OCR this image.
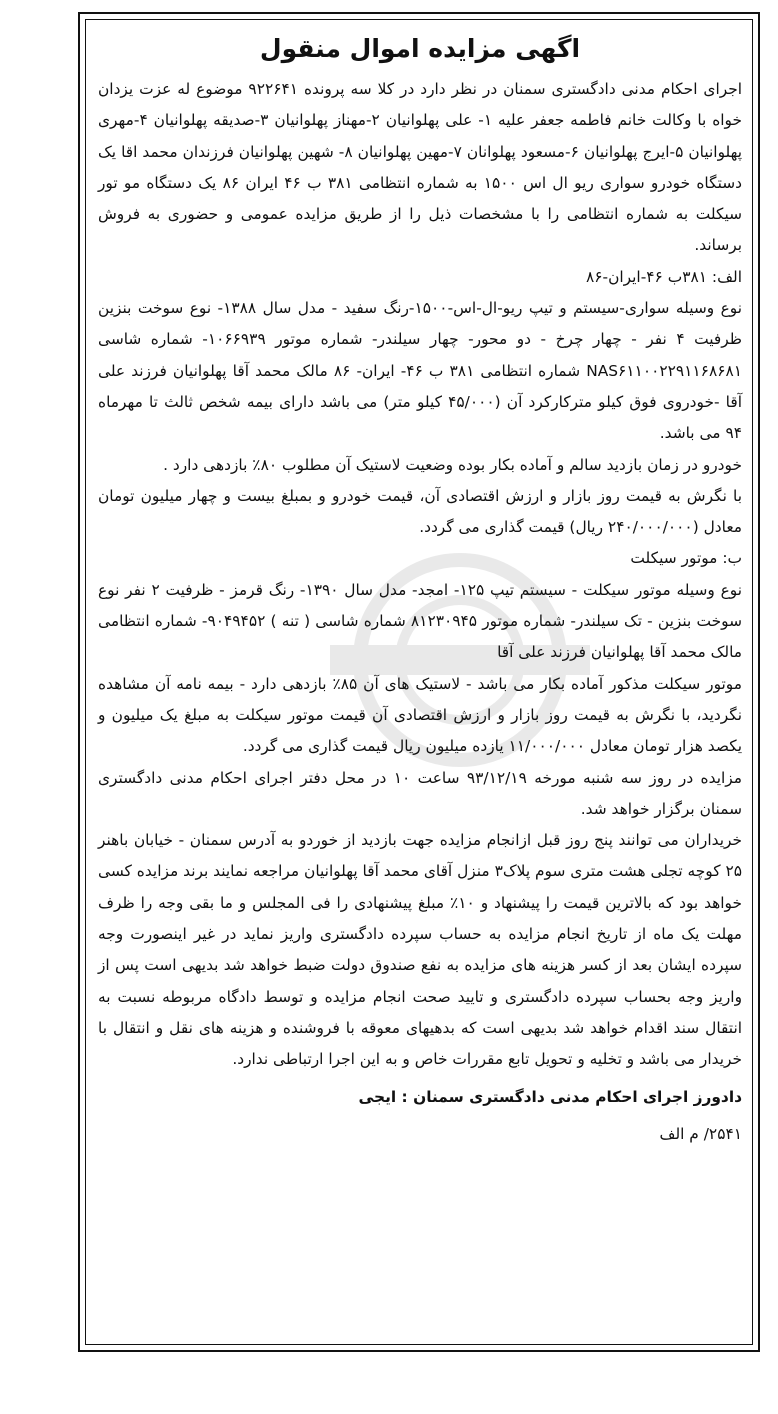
اگهی مزایده اموال منقول

اجرای احکام مدنی دادگستری سمنان در نظر دارد در کلا سه پرونده ۹۲۲۶۴۱ موضوع له عزت یزدان خواه با وکالت خانم فاطمه جعفر علیه ۱- علی پهلوانیان ۲-مهناز پهلوانیان ۳-صدیقه پهلوانیان ۴-مهری پهلوانیان ۵-ایرج پهلوانیان ۶-مسعود پهلوانان ۷-مهین پهلوانیان ۸- شهین پهلوانیان فرزندان محمد اقا یک دستگاه خودرو سواری ریو ال اس ۱۵۰۰ به شماره انتظامی ۳۸۱ ب ۴۶ ایران ۸۶ یک دستگاه مو تور سیکلت به شماره انتظامی را با مشخصات ذیل را از طریق مزایده عمومی و حضوری به فروش برساند.

الف: ۳۸۱ب ۴۶-ایران-۸۶

نوع وسیله سواری-سیستم و تیپ ریو-ال-اس-۱۵۰۰-رنگ سفید - مدل سال ۱۳۸۸- نوع سوخت بنزین ظرفیت ۴ نفر - چهار چرخ - دو محور- چهار سیلندر- شماره موتور ۱۰۶۶۹۳۹- شماره شاسی NAS۶۱۱۰۰۲۲۹۱۱۶۸۶۸۱ شماره انتظامی ۳۸۱ ب ۴۶- ایران- ۸۶ مالک محمد آقا پهلوانیان فرزند علی آقا -خودروی فوق کیلو مترکارکرد آن (۴۵/۰۰۰ کیلو متر) می باشد دارای بیمه شخص ثالث تا مهرماه ۹۴ می باشد.

خودرو در زمان بازدید سالم و آماده بکار بوده وضعیت لاستیک آن مطلوب ۸۰٪ بازدهی دارد .

با نگرش به قیمت روز بازار و ارزش اقتصادی آن، قیمت خودرو و بمبلغ بیست و چهار میلیون تومان معادل (۲۴۰/۰۰۰/۰۰۰ ریال) قیمت گذاری می گردد.

ب: موتور سیکلت

نوع وسیله موتور سیکلت - سیستم تیپ ۱۲۵- امجد- مدل سال ۱۳۹۰- رنگ قرمز - ظرفیت ۲ نفر نوع سوخت بنزین - تک سیلندر- شماره موتور ۸۱۲۳۰۹۴۵ شماره شاسی ( تنه ) ۹۰۴۹۴۵۲- شماره انتظامی مالک محمد آقا پهلوانیان فرزند علی آقا

موتور سیکلت مذکور آماده بکار می باشد - لاستیک های آن ۸۵٪ بازدهی دارد - بیمه نامه آن مشاهده نگردید، با نگرش به قیمت روز بازار و ارزش اقتصادی آن قیمت موتور سیکلت به مبلغ یک میلیون و یکصد هزار تومان معادل ۱۱/۰۰۰/۰۰۰ یازده میلیون ریال قیمت گذاری می گردد.

مزایده در روز سه شنبه مورخه ۹۳/۱۲/۱۹ ساعت ۱۰ در محل دفتر اجرای احکام مدنی دادگستری سمنان برگزار خواهد شد.

خریداران می توانند پنج روز قبل ازانجام مزایده جهت بازدید از خوردو به آدرس سمنان - خیابان باهنر ۲۵ کوچه تجلی هشت متری سوم پلاک۳ منزل آقای محمد آقا پهلوانیان مراجعه نمایند برند مزایده کسی خواهد بود که بالاترین قیمت را پیشنهاد و ۱۰٪ مبلغ پیشنهادی را فی المجلس و ما بقی وجه را ظرف مهلت یک ماه از تاریخ انجام مزایده به حساب سپرده دادگستری واریز نماید در غیر اینصورت وجه سپرده ایشان بعد از کسر هزینه های مزایده به نفع صندوق دولت ضبط خواهد شد بدیهی است پس از واریز وجه بحساب سپرده دادگستری و تایید صحت انجام مزایده و توسط دادگاه مربوطه نسبت به انتقال سند اقدام خواهد شد بدیهی است که بدهیهای معوقه با فروشنده و هزینه های نقل و انتقال با خریدار می باشد و تخلیه و تحویل تابع مقررات خاص و به این اجرا ارتباطی ندارد.

دادورز اجرای احکام مدنی دادگستری سمنان : ایجی

۲۵۴۱/ م الف
